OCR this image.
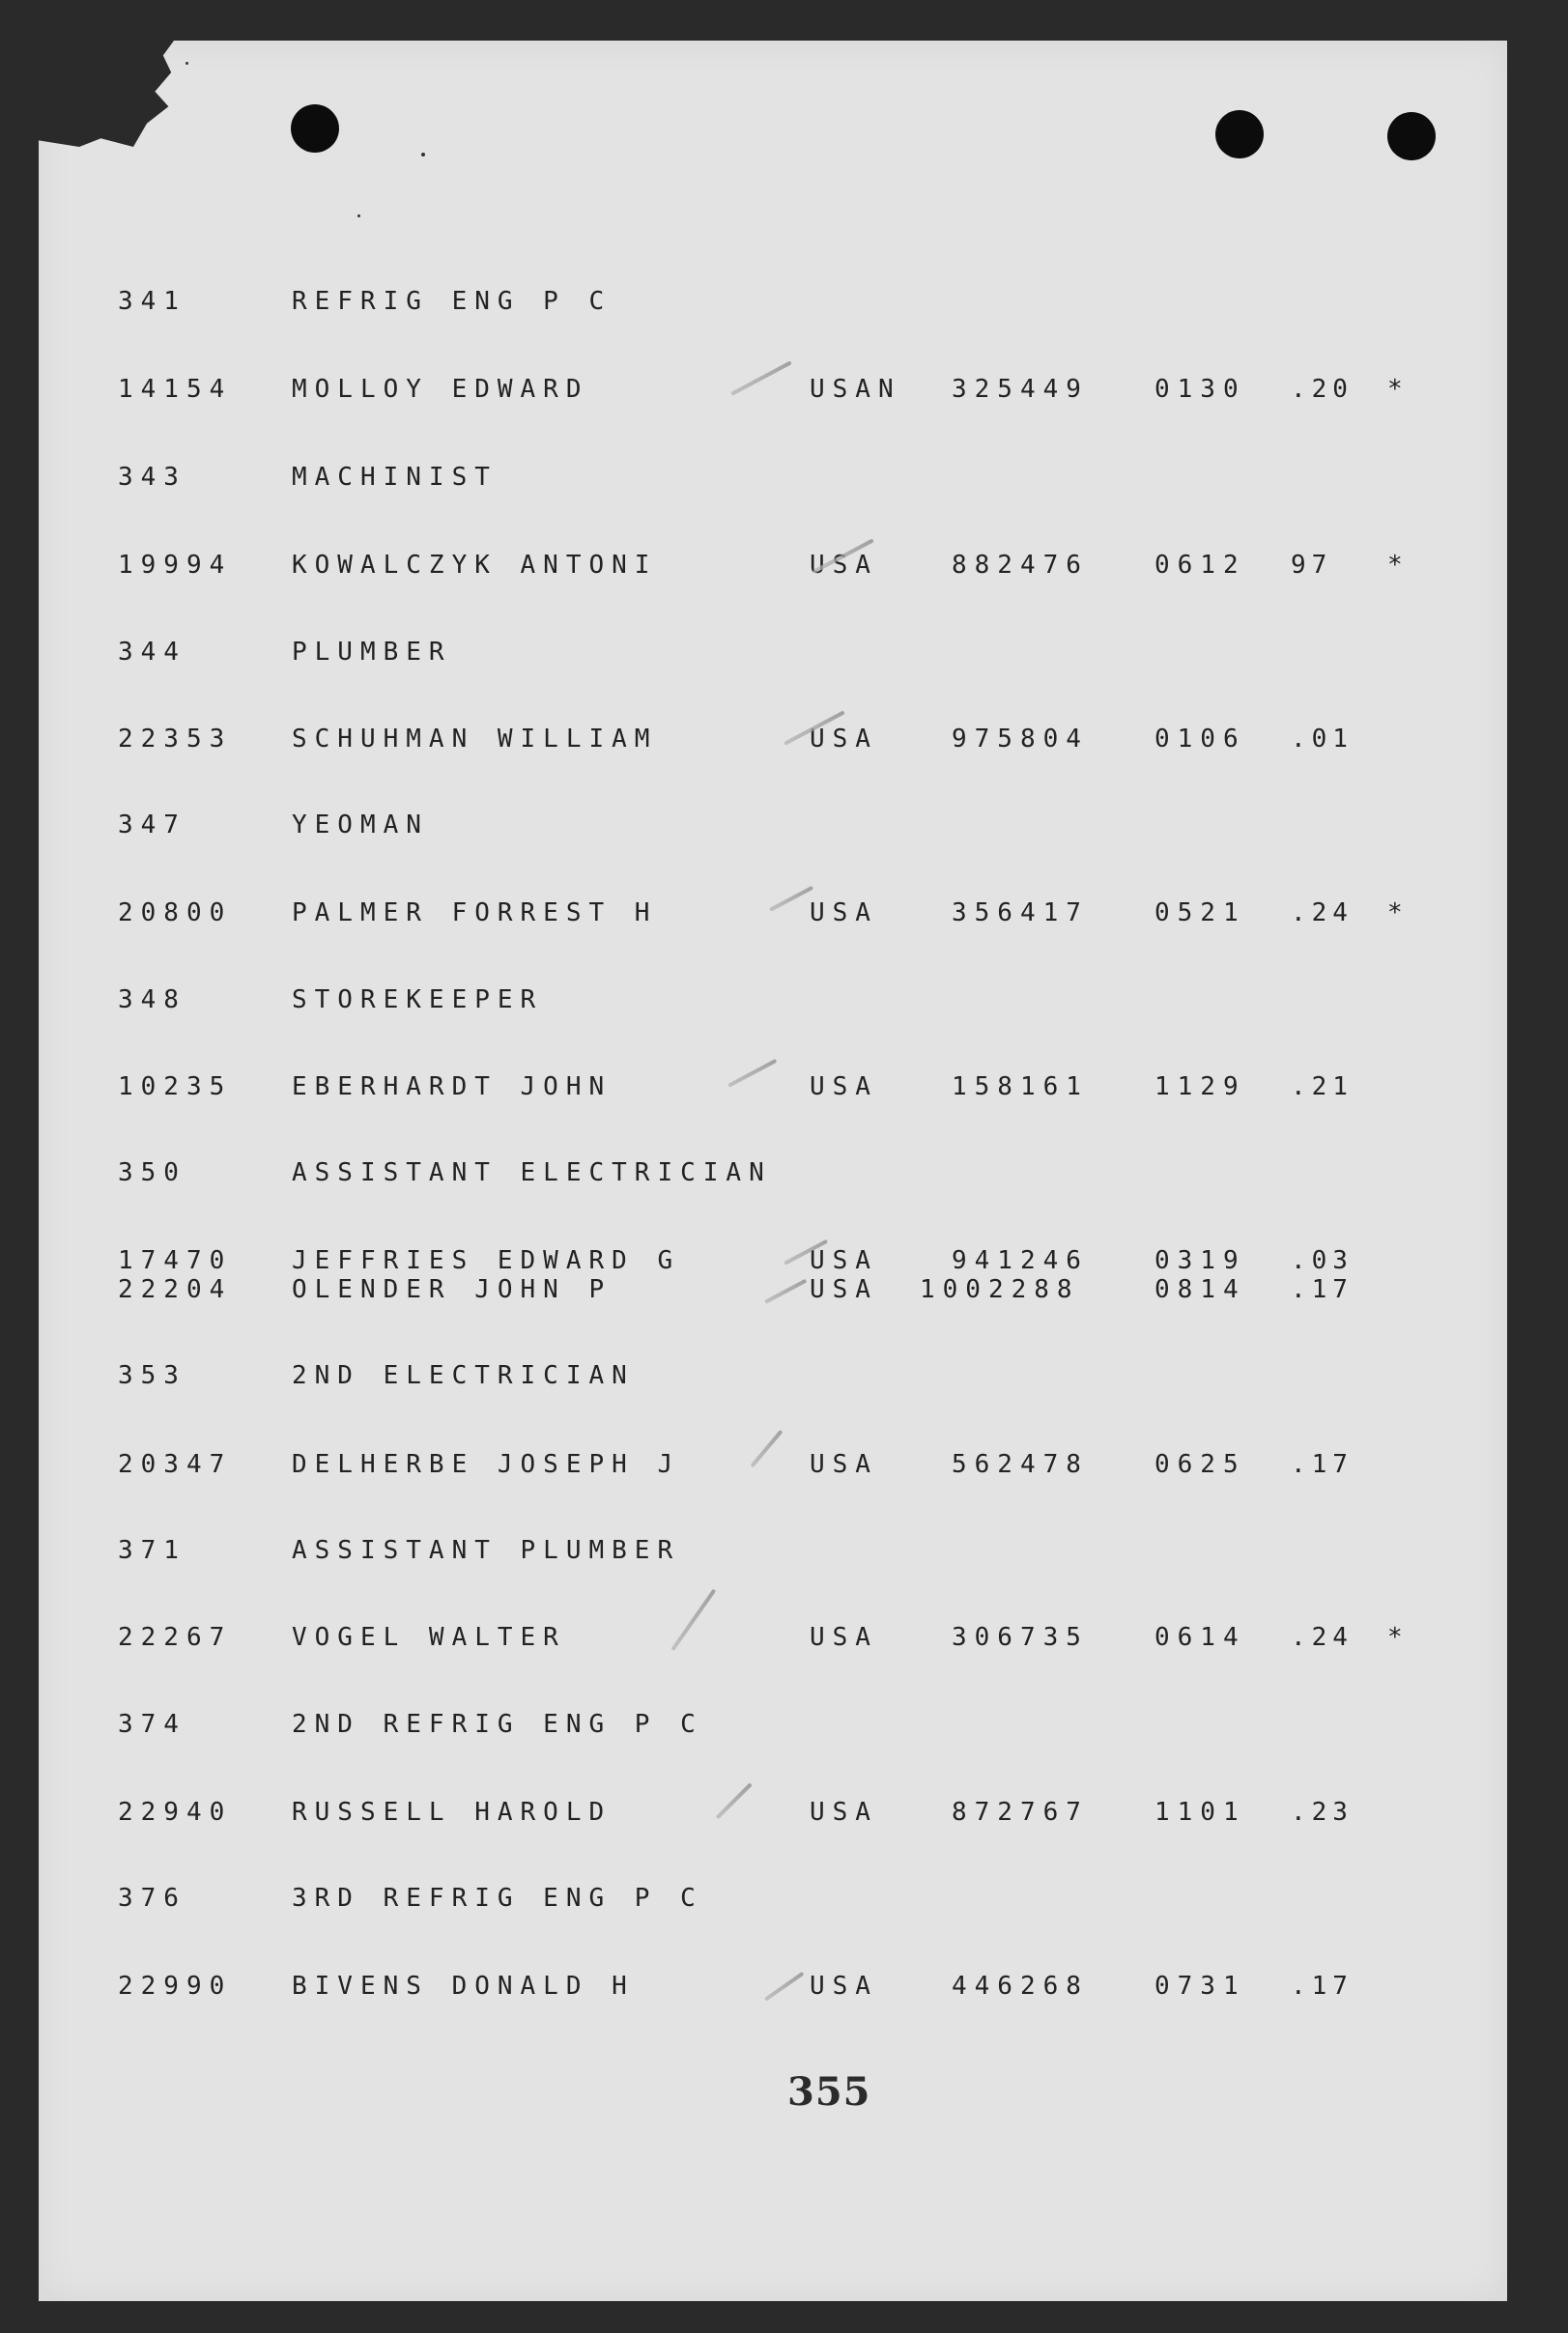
341	REFRIG ENG P C
14154 MOLLOY EDWARD	USAN 325449	0130 .20 *
343	MACHINIST
19994 KOWALCZYK ANTONI	USA	882476	0612 97 *
344	PLUMBER
22353 SCHUHMAN WILLIAM	USA	975804	0106 .01
347	YEOMAN
20800 PALMER FORREST H	USA	356417	0521 .24 *
348	STOREKEEPER
10235 EBERHARDT JOHN	USA	158161	1129 .21
350	ASSISTANT ELECTRICIAN
17470 JEFFRIES EDWARD G	USA	941246	0319 .03
22204 OLENDER JOHN P	USA 1002288	0814 .17
353	2ND ELECTRICIAN
20347 DELHERBE JOSEPH J	USA	562478	0625 .17
371	ASSISTANT PLUMBER
22267 VOGEL WALTER	USA	306735	0614 .24 *
374	2ND REFRIG ENG P C
22940 RUSSELL HAROLD	USA	872767	1101 .23
376	3RD REFRIG ENG P C
22990 BIVENS DONALD H	USA	446268	0731 .17
355
